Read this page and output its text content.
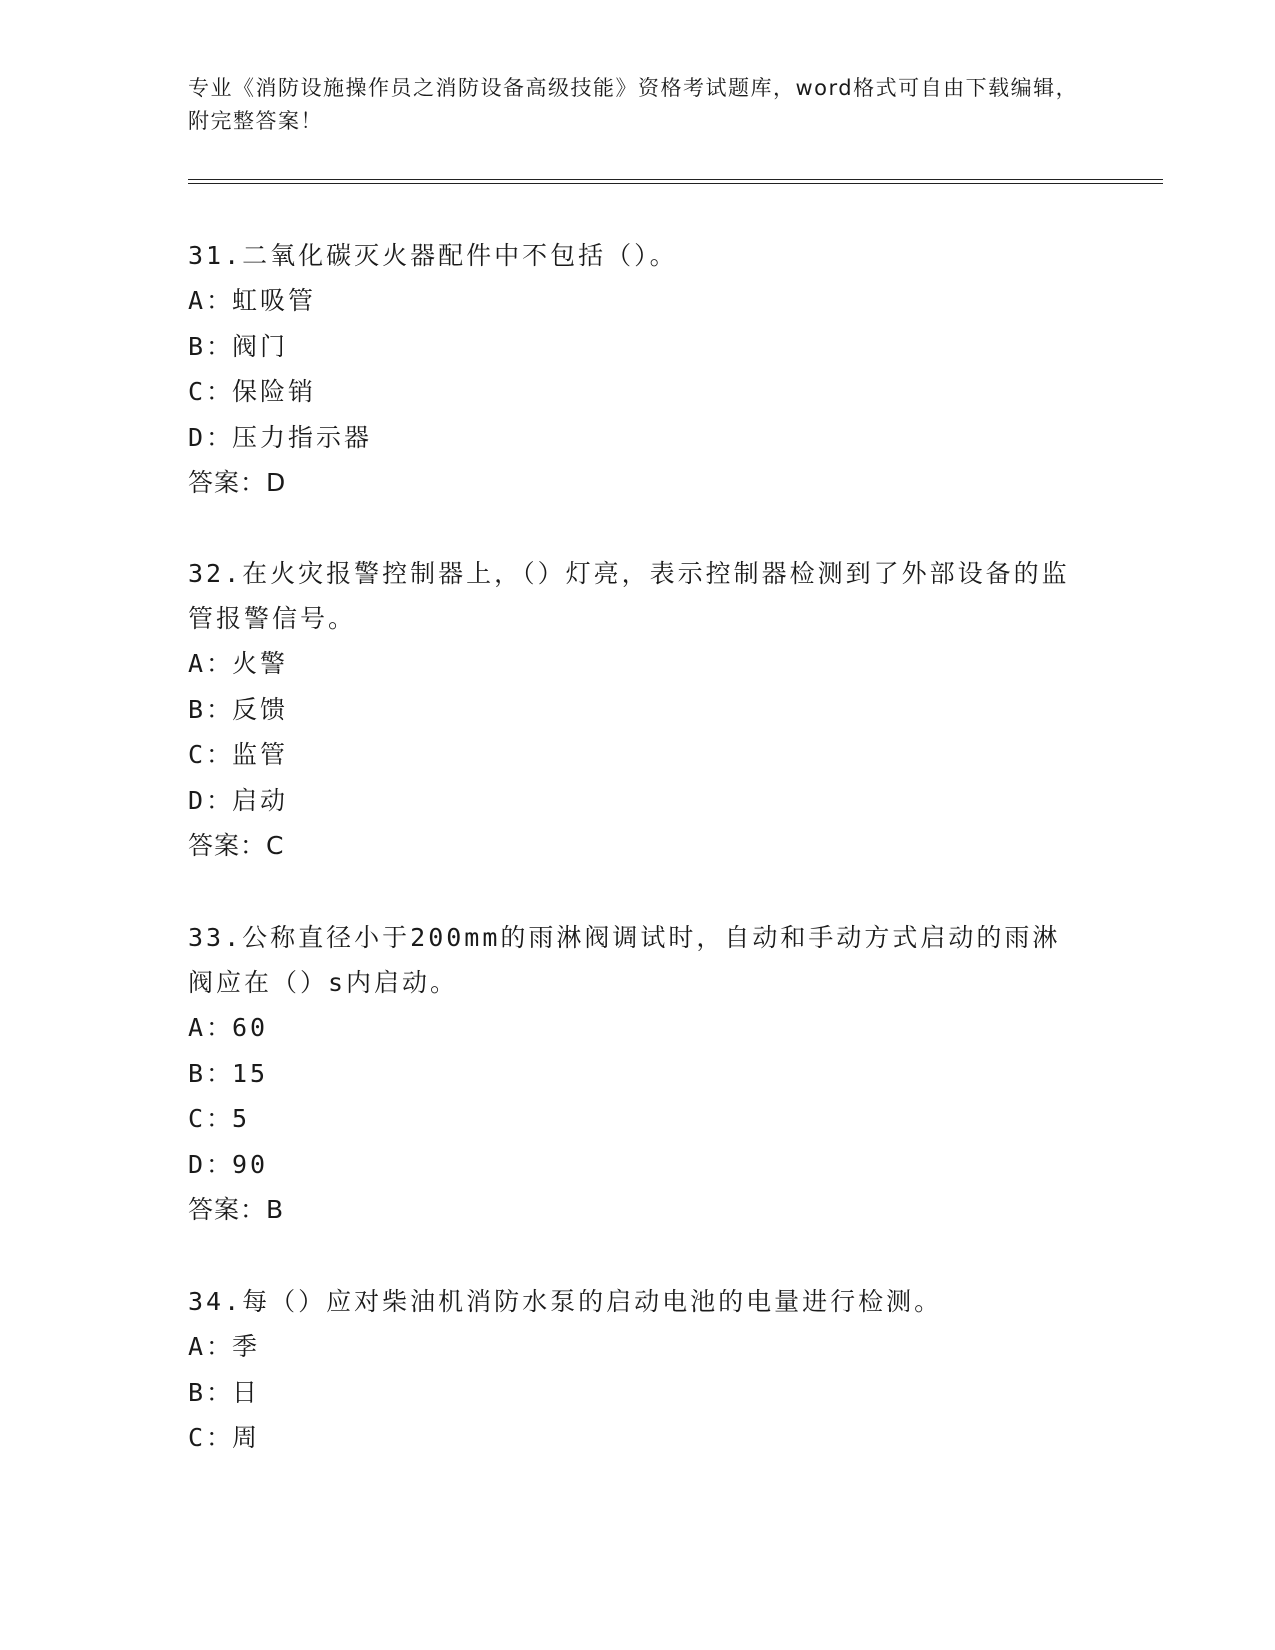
专业《消防设施操作员之消防设备高级技能》资格考试题库，word格式可自由下载编辑，附完整答案！

31.二氧化碳灭火器配件中不包括（）。

A：
虹吸管

B：
阀门

C：
保险销

D：
压力指示器

答案：D

32.在火灾报警控制器上，（）灯亮，表示控制器检测到了外部设备的监管报警信号。

A：
火警

B：
反馈

C：
监管

D：
启动

答案：C

33.公称直径小于200mm的雨淋阀调试时，自动和手动方式启动的雨淋阀应在（）s内启动。

A：
60

B：
15

C：
5

D：
90

答案：B

34.每（）应对柴油机消防水泵的启动电池的电量进行检测。

A：
季

B：
日

C：
周
